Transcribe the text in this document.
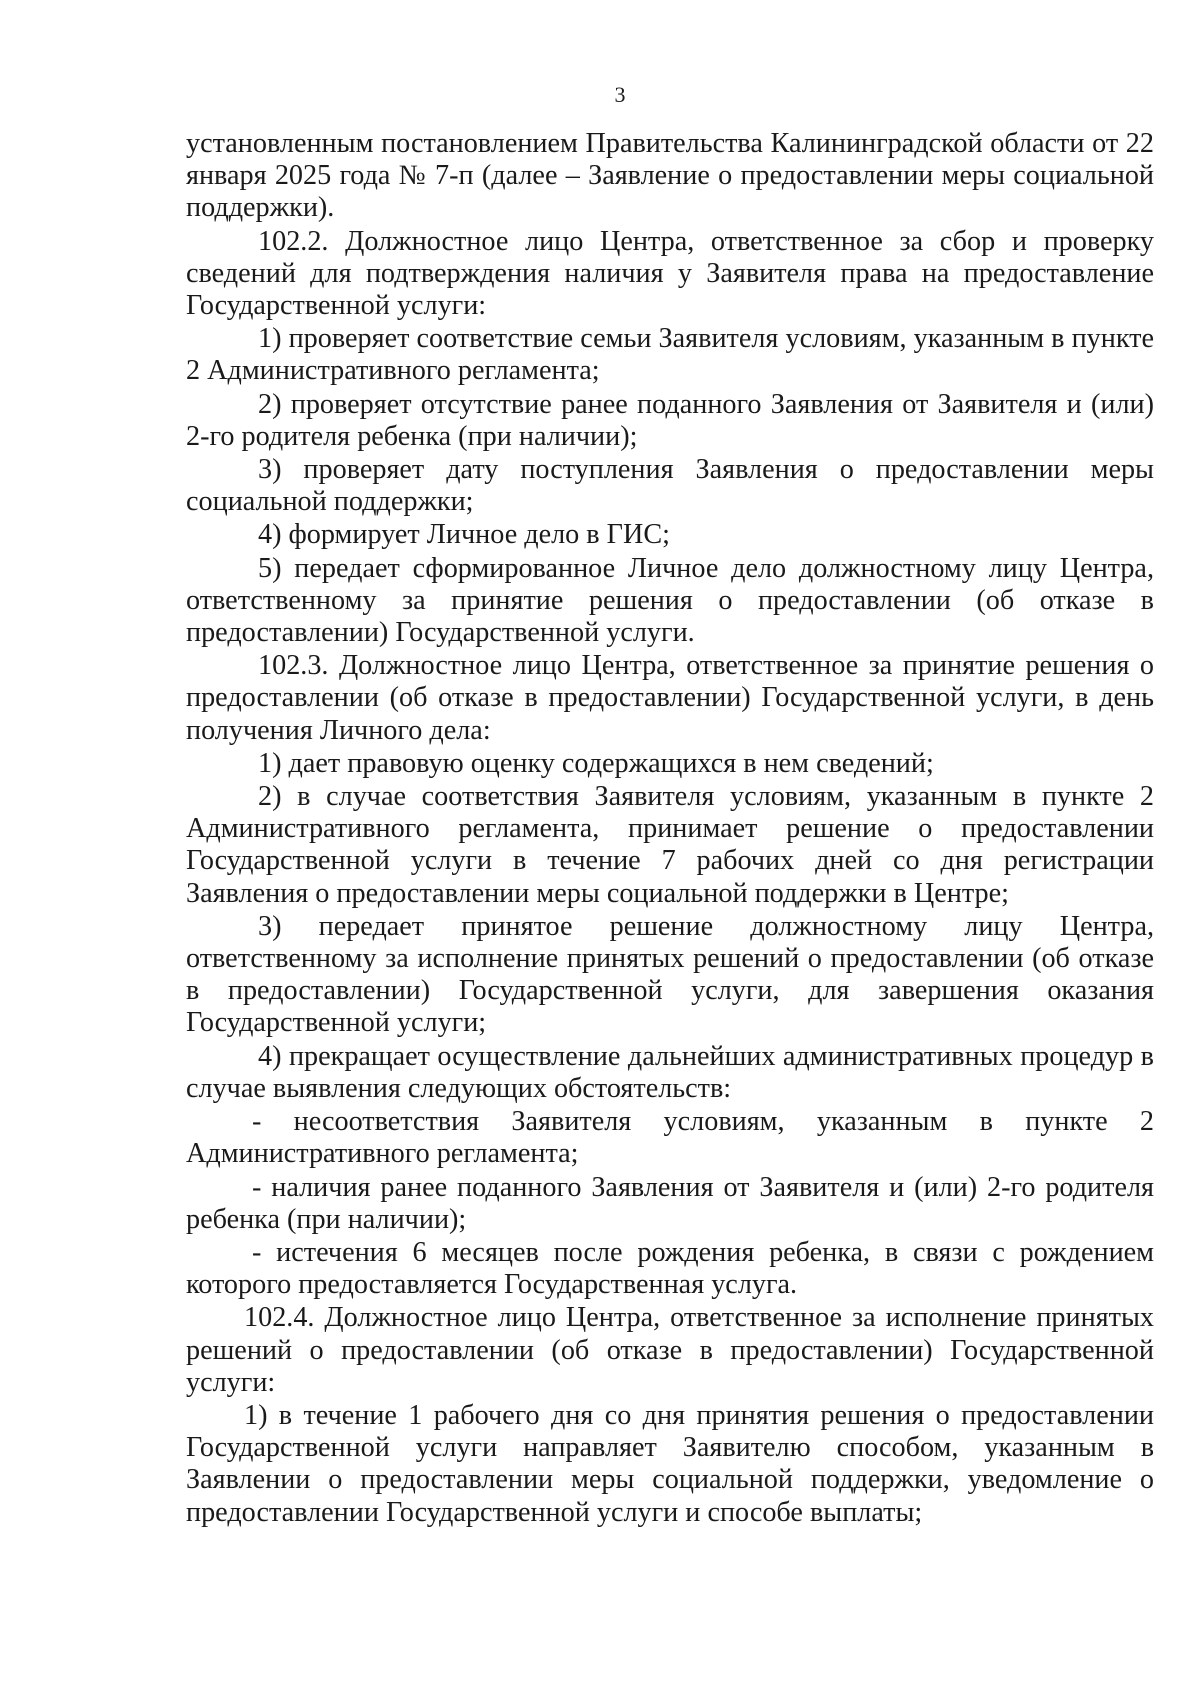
3

установленным постановлением Правительства Калининградской области от 22 января 2025 года № 7-п (далее – Заявление о предоставлении меры социальной поддержки).

102.2. Должностное лицо Центра, ответственное за сбор и проверку сведений для подтверждения наличия у Заявителя права на предоставление Государственной услуги:

1) проверяет соответствие семьи Заявителя условиям, указанным в пункте 2 Административного регламента;

2) проверяет отсутствие ранее поданного Заявления от Заявителя и (или) 2-го родителя ребенка (при наличии);

3) проверяет дату поступления Заявления о предоставлении меры социальной поддержки;

4) формирует Личное дело в ГИС;

5) передает сформированное Личное дело должностному лицу Центра, ответственному за принятие решения о предоставлении (об отказе в предоставлении) Государственной услуги.

102.3. Должностное лицо Центра, ответственное за принятие решения о предоставлении (об отказе в предоставлении) Государственной услуги, в день получения Личного дела:

1) дает правовую оценку содержащихся в нем сведений;

2) в случае соответствия Заявителя условиям, указанным в пункте 2 Административного регламента, принимает решение о предоставлении Государственной услуги в течение 7 рабочих дней со дня регистрации Заявления о предоставлении меры социальной поддержки в Центре;

3) передает принятое решение должностному лицу Центра, ответственному за исполнение принятых решений о предоставлении (об отказе в предоставлении) Государственной услуги, для завершения оказания Государственной услуги;

4) прекращает осуществление дальнейших административных процедур в случае выявления следующих обстоятельств:

- несоответствия Заявителя условиям, указанным в пункте 2 Административного регламента;

- наличия ранее поданного Заявления от Заявителя и (или) 2-го родителя ребенка (при наличии);

- истечения 6 месяцев после рождения ребенка, в связи с рождением которого предоставляется Государственная услуга.

102.4. Должностное лицо Центра, ответственное за исполнение принятых решений о предоставлении (об отказе в предоставлении) Государственной услуги:

1) в течение 1 рабочего дня со дня принятия решения о предоставлении Государственной услуги направляет Заявителю способом, указанным в Заявлении о предоставлении меры социальной поддержки, уведомление о предоставлении Государственной услуги и способе выплаты;
